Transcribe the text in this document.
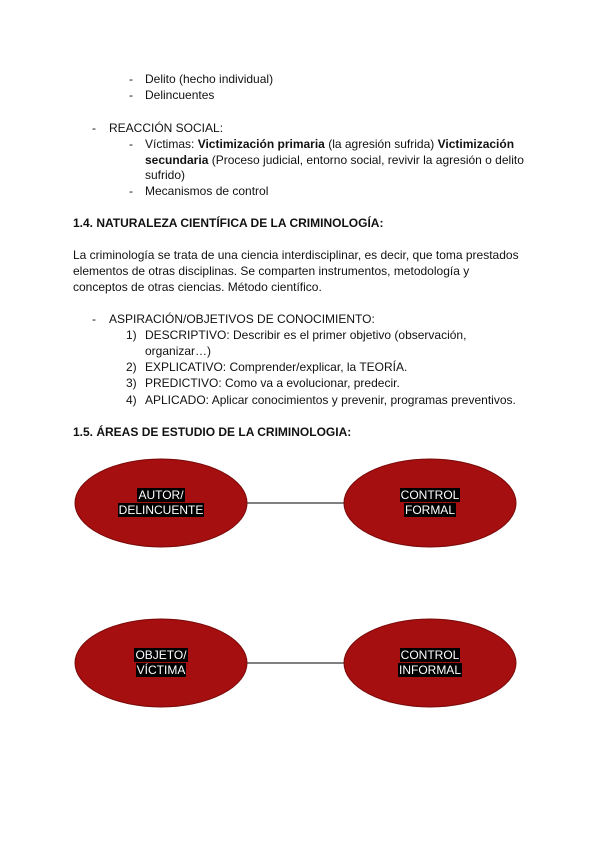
- Delito (hecho individual)
- Delincuentes
- REACCIÓN SOCIAL:
- Víctimas: Victimización primaria (la agresión sufrida) Victimización
secundaria (Proceso judicial, entorno social, revivir la agresión o delito
sufrido)
- Mecanismos de control
1.4. NATURALEZA CIENTÍFICA DE LA CRIMINOLOGÍA:
La criminología se trata de una ciencia interdisciplinar, es decir, que toma prestados
elementos de otras disciplinas. Se comparten instrumentos, metodología y
conceptos de otras ciencias. Método científico.
- ASPIRACIÓN/OBJETIVOS DE CONOCIMIENTO:
1) DESCRIPTIVO: Describir es el primer objetivo (observación,
organizar…)
2) EXPLICATIVO: Comprender/explicar, la TEORÍA.
3) PREDICTIVO: Como va a evolucionar, predecir.
4) APLICADO: Aplicar conocimientos y prevenir, programas preventivos.
1.5. ÁREAS DE ESTUDIO DE LA CRIMINOLOGIA:
AUTOR/
DELINCUENTE
CONTROL
FORMAL
OBJETO/
VÍCTIMA
CONTROL
INFORMAL
